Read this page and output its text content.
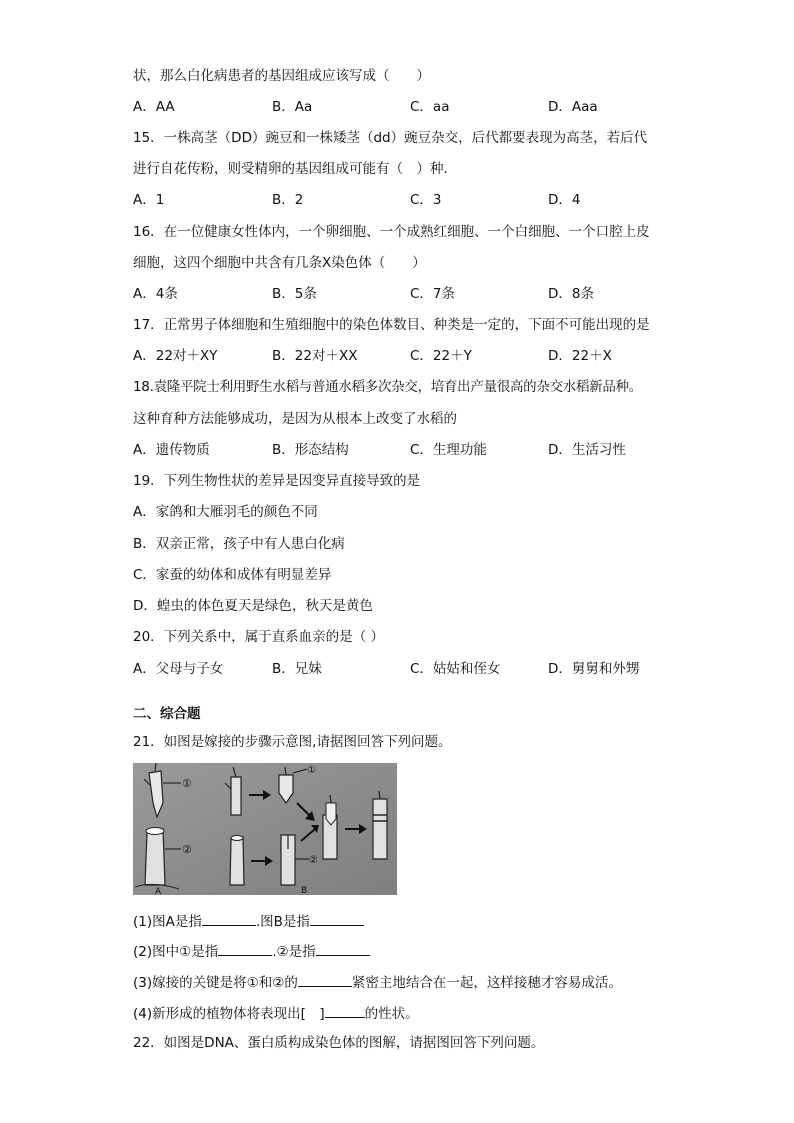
状，那么白化病患者的基因组成应该写成（　　）
A．AA	B．Aa	C．aa	D．Aaa
15．一株高茎（DD）豌豆和一株矮茎（dd）豌豆杂交，后代都要表现为高茎，若后代
进行自花传粉，则受精卵的基因组成可能有（　）种.
A．1	B．2	C．3	D．4
16．在一位健康女性体内，一个卵细胞、一个成熟红细胞、一个白细胞、一个口腔上皮
细胞，这四个细胞中共含有几条X染色体（　　）
A．4条	B．5条	C．7条	D．8条
17．正常男子体细胞和生殖细胞中的染色体数目、种类是一定的，下面不可能出现的是
A．22对＋XY	B．22对＋XX	C．22＋Y	D．22＋X
18.袁隆平院士利用野生水稻与普通水稻多次杂交，培育出产量很高的杂交水稻新品种。
这种育种方法能够成功，是因为从根本上改变了水稻的
A．遗传物质	B．形态结构	C．生理功能	D．生活习性
19．下列生物性状的差异是因变异直接导致的是
A．家鸽和大雁羽毛的颜色不同
B．双亲正常，孩子中有人患白化病
C．家蚕的幼体和成体有明显差异
D．蝗虫的体色夏天是绿色，秋天是黄色
20．下列关系中，属于直系血亲的是（ ）
A．父母与子女	B．兄妹	C．姑姑和侄女	D．舅舅和外甥
二、综合题
21．如图是嫁接的步骤示意图,请据图回答下列问题。
①
②
A
①
②
B
(1)图A是指	.图B是指
(2)图中①是指	.②是指
(3)嫁接的关键是将①和②的	紧密主地结合在一起，这样接穗才容易成活。
(4)新形成的植物体将表现出[　]	的性状。
22．如图是DNA、蛋白质构成染色体的图解，请据图回答下列问题。
